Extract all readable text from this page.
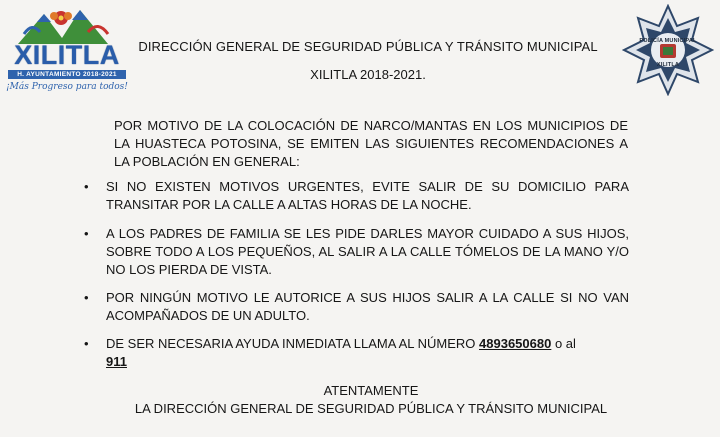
XILITLA
H. AYUNTAMIENTO 2018-2021
¡Más Progreso para todos!
DIRECCIÓN GENERAL DE SEGURIDAD PÚBLICA Y TRÁNSITO MUNICIPAL
XILITLA 2018-2021.
POLICÍA MUNICIPAL
XILITLA

POR MOTIVO DE LA COLOCACIÓN DE NARCO/MANTAS EN LOS MUNICIPIOS DE LA HUASTECA POTOSINA, SE EMITEN LAS SIGUIENTES RECOMENDACIONES A LA POBLACIÓN EN GENERAL:

•	SI NO EXISTEN MOTIVOS URGENTES, EVITE SALIR DE SU DOMICILIO PARA TRANSITAR POR LA CALLE A ALTAS HORAS DE LA NOCHE.
•	A LOS PADRES DE FAMILIA SE LES PIDE DARLES MAYOR CUIDADO A SUS HIJOS, SOBRE TODO A LOS PEQUEÑOS, AL SALIR A LA CALLE TÓMELOS DE LA MANO Y/O NO LOS PIERDA DE VISTA.
•	POR NINGÚN MOTIVO LE AUTORICE A SUS HIJOS SALIR A LA CALLE SI NO VAN ACOMPAÑADOS DE UN ADULTO.
•	DE SER NECESARIA AYUDA INMEDIATA LLAMA AL NÚMERO 4893650680 o al
911
ATENTAMENTE
LA DIRECCIÓN GENERAL DE SEGURIDAD PÚBLICA Y TRÁNSITO MUNICIPAL
